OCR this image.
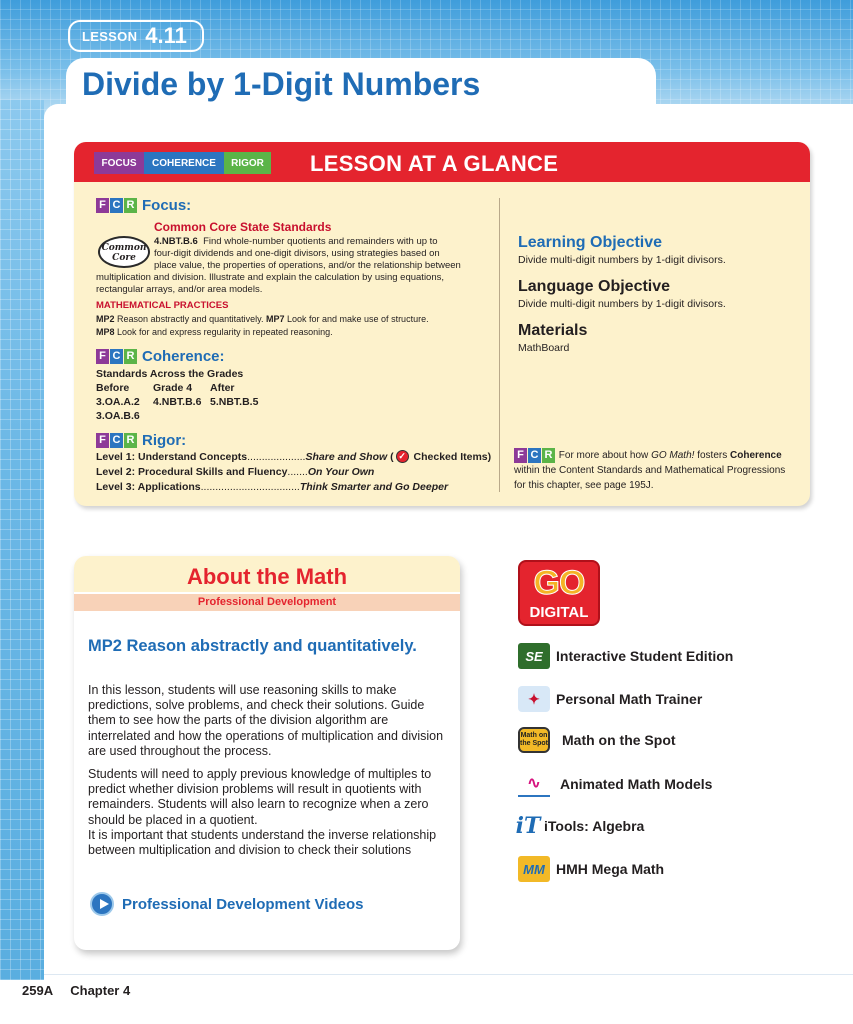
LESSON 4.11
Divide by 1-Digit Numbers
FOCUS	COHERENCE	RIGOR	LESSON AT A GLANCE
F C R Focus:
Common Core State Standards
4.NBT.B.6 Find whole-number quotients and remainders with up to
four-digit dividends and one-digit divisors, using strategies based on
place value, the properties of operations, and/or the relationship between
multiplication and division. Illustrate and explain the calculation by using equations,
rectangular arrays, and/or area models.
Common Core
MATHEMATICAL PRACTICES
MP2 Reason abstractly and quantitatively. MP7 Look for and make use of structure.
MP8 Look for and express regularity in repeated reasoning.
F C R Coherence:
Standards Across the Grades
Before	Grade 4	After
3.OA.A.2	4.NBT.B.6 5.NBT.B.5
3.OA.B.6
F C R Rigor:
Level 1: Understand Concepts .................... Share and Show ( ✓
Checked Items)
Level 2: Procedural Skills and Fluency ....... On Your Own
Level 3: Applications .................................. Think Smarter and Go Deeper
Learning Objective
Divide multi-digit numbers by 1-digit divisors.
Language Objective
Divide multi-digit numbers by 1-digit divisors.
Materials
MathBoard
F C R For more about how GO Math! fosters Coherence
within the Content Standards and Mathematical Progressions
for this chapter, see page 195J.
About the Math
Professional Development
MP2 Reason abstractly and quantitatively.
In this lesson, students will use reasoning skills to make predictions, solve problems, and check their solutions. Guide them to see how the parts of the division algorithm are interrelated and how the operations of multiplication and division are used throughout the process.
Students will need to apply previous knowledge of multiples to predict whether division problems will result in quotients with remainders. Students will also learn to recognize when a zero should be placed in a quotient.
It is important that students understand the inverse relationship between multiplication and division to check their solutions
Professional Development Videos
GO
DIGITAL
SE Interactive Student Edition
✦	Personal Math Trainer
Math on the Spot Math on the Spot
∿	Animated Math Models
iT iTools: Algebra
MM HMH Mega Math
259A Chapter 4
